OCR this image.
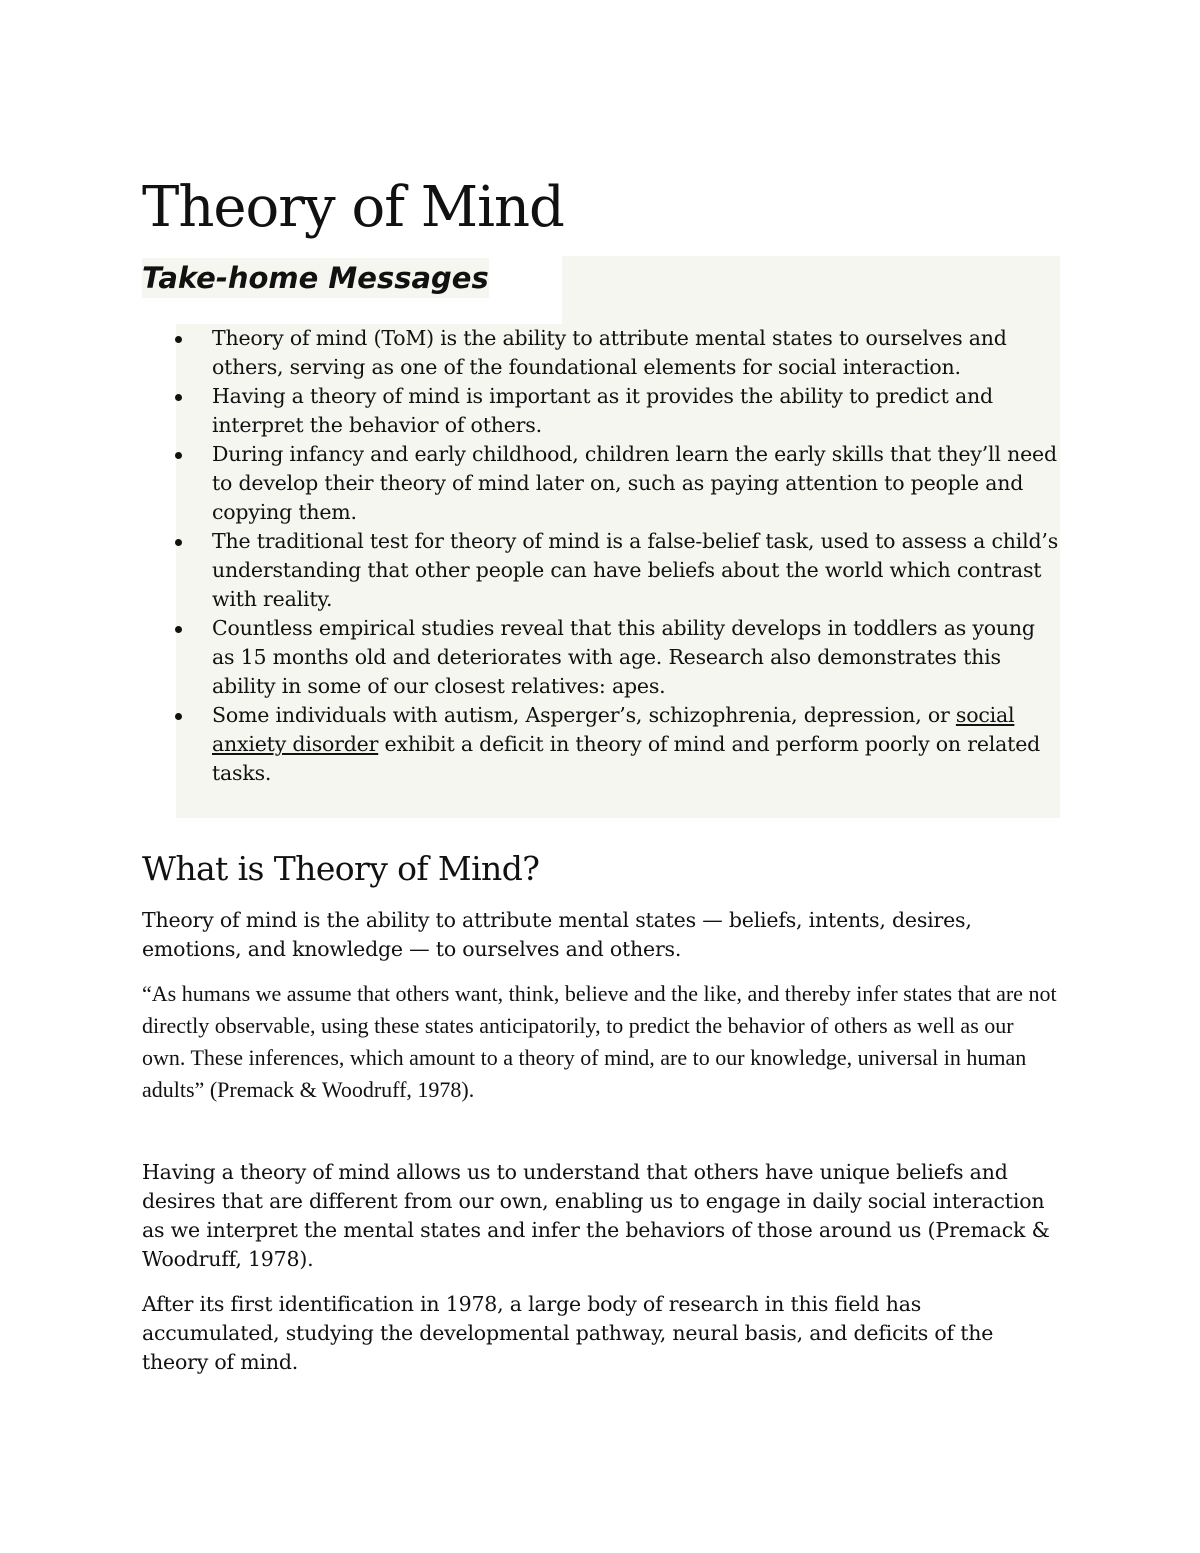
Theory of Mind
Take-home Messages
Theory of mind (ToM) is the ability to attribute mental states to ourselves and others, serving as one of the foundational elements for social interaction.
Having a theory of mind is important as it provides the ability to predict and interpret the behavior of others.
During infancy and early childhood, children learn the early skills that they’ll need to develop their theory of mind later on, such as paying attention to people and copying them.
The traditional test for theory of mind is a false-belief task, used to assess a child’s understanding that other people can have beliefs about the world which contrast with reality.
Countless empirical studies reveal that this ability develops in toddlers as young as 15 months old and deteriorates with age. Research also demonstrates this ability in some of our closest relatives: apes.
Some individuals with autism, Asperger’s, schizophrenia, depression, or social anxiety disorder exhibit a deficit in theory of mind and perform poorly on related tasks.
What is Theory of Mind?

Theory of mind is the ability to attribute mental states — beliefs, intents, desires, emotions, and knowledge — to ourselves and others.

“As humans we assume that others want, think, believe and the like, and thereby infer states that are not directly observable, using these states anticipatorily, to predict the behavior of others as well as our own. These inferences, which amount to a theory of mind, are to our knowledge, universal in human adults” (Premack & Woodruff, 1978).

Having a theory of mind allows us to understand that others have unique beliefs and desires that are different from our own, enabling us to engage in daily social interaction as we interpret the mental states and infer the behaviors of those around us (Premack & Woodruff, 1978).

After its first identification in 1978, a large body of research in this field has accumulated, studying the developmental pathway, neural basis, and deficits of the theory of mind.
